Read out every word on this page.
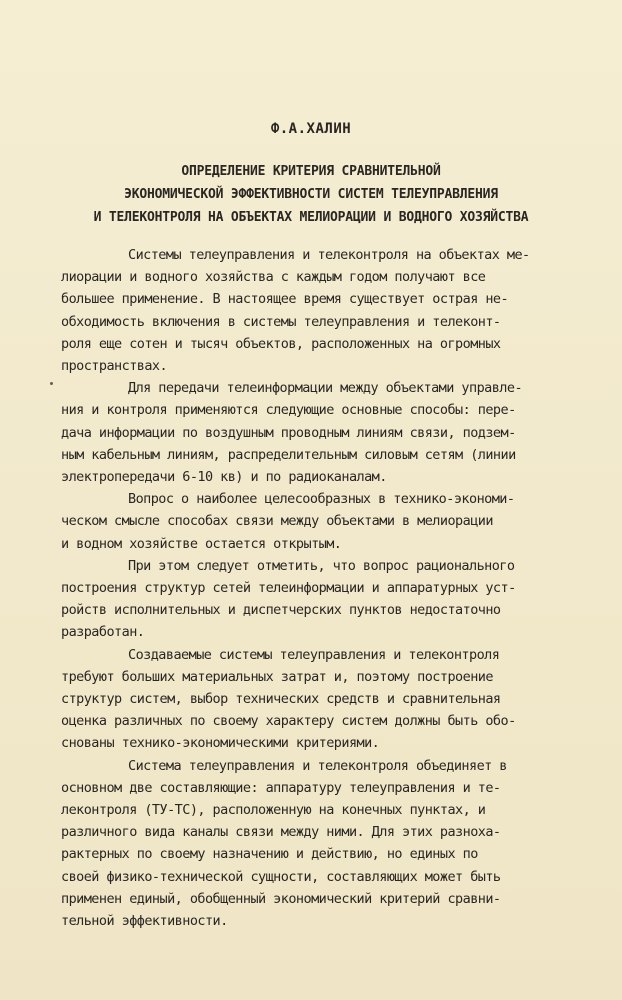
Ф.А.ХАЛИН
ОПРЕДЕЛЕНИЕ КРИТЕРИЯ СРАВНИТЕЛЬНОЙ
ЭКОНОМИЧЕСКОЙ ЭФФЕКТИВНОСТИ СИСТЕМ ТЕЛЕУПРАВЛЕНИЯ
И ТЕЛЕКОНТРОЛЯ НА ОБЪЕКТАХ МЕЛИОРАЦИИ И ВОДНОГО ХОЗЯЙСТВА
Системы телеуправления и телеконтроля на объектах ме-
лиорации и водного хозяйства с каждым годом получают все
большее применение. В настоящее время существует острая не-
обходимость включения в системы телеуправления и телеконт-
роля еще сотен и тысяч объектов, расположенных на огромных
пространствах.
Для передачи телеинформации между объектами управле-
ния и контроля применяются следующие основные способы: пере-
дача информации по воздушным проводным линиям связи, подзем-
ным кабельным линиям, распределительным силовым сетям (линии
электропередачи 6-10 кв) и по радиоканалам.
Вопрос о наиболее целесообразных в технико-экономи-
ческом смысле способах связи между объектами в мелиорации
и водном хозяйстве остается открытым.
При этом следует отметить, что вопрос рационального
построения структур сетей телеинформации и аппаратурных уст-
ройств исполнительных и диспетчерских пунктов недостаточно
разработан.
Создаваемые системы телеуправления и телеконтроля
требуют больших материальных затрат и, поэтому построение
структур систем, выбор технических средств и сравнительная
оценка различных по своему характеру систем должны быть обо-
снованы технико-экономическими критериями.
Система телеуправления и телеконтроля объединяет в
основном две составляющие: аппаратуру телеуправления и те-
леконтроля (ТУ-ТС), расположенную на конечных пунктах, и
различного вида каналы связи между ними. Для этих разноха-
рактерных по своему назначению и действию, но единых по
своей физико-технической сущности, составляющих может быть
применен единый, обобщенный экономический критерий сравни-
тельной эффективности.
